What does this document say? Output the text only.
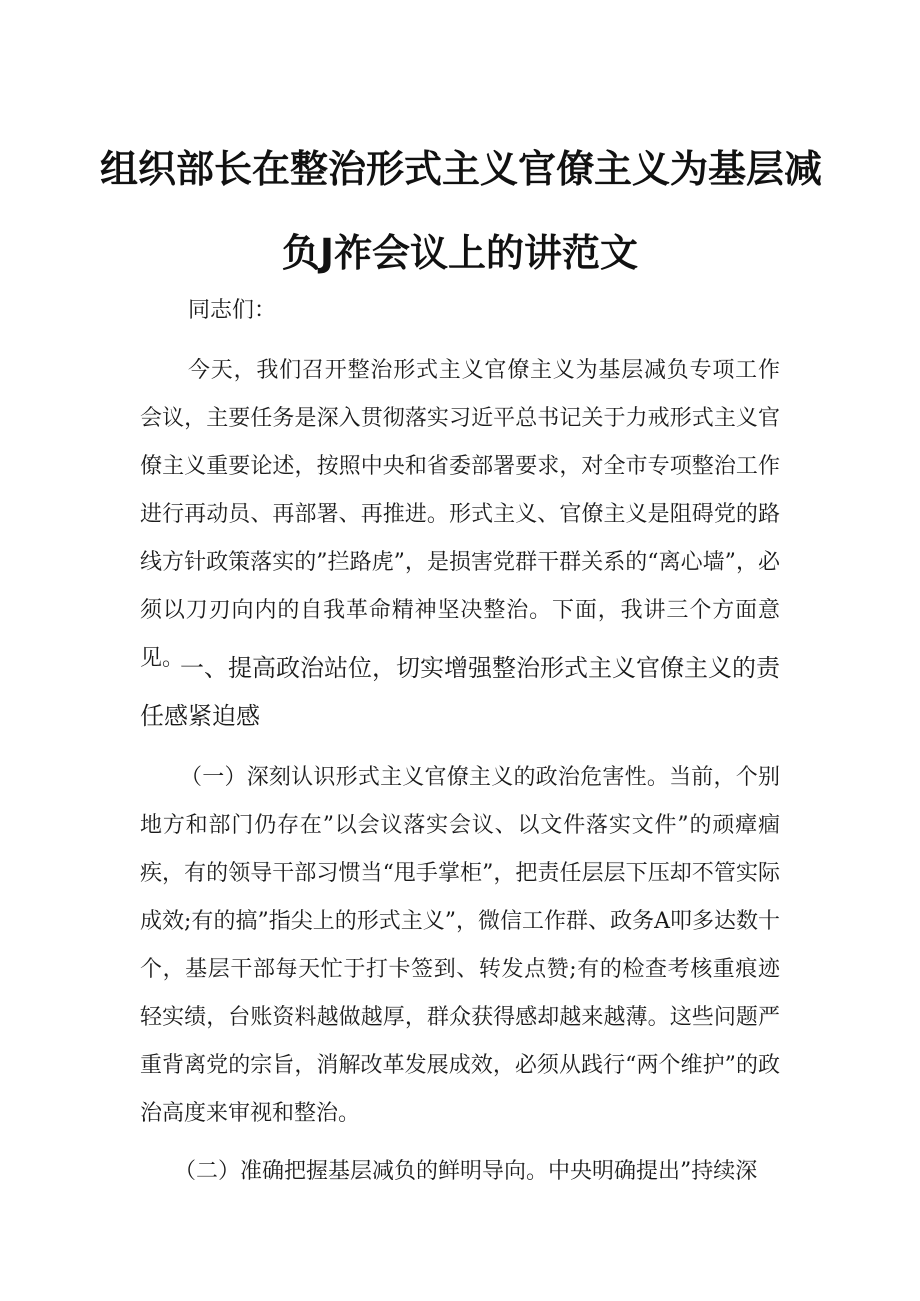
组织部长在整治形式主义官僚主义为基层减
负J祚会议上的讲范文
同志们：
今天，我们召开整治形式主义官僚主义为基层减负专项工作会议，主要任务是深入贯彻落实习近平总书记关于力戒形式主义官僚主义重要论述，按照中央和省委部署要求，对全市专项整治工作进行再动员、再部署、再推进。形式主义、官僚主义是阻碍党的路线方针政策落实的”拦路虎”，是损害党群干群关系的“离心墙”，必须以刀刃向内的自我革命精神坚决整治。下面，我讲三个方面意见。
一、提高政治站位，切实增强整治形式主义官僚主义的责任感紧迫感
（一）深刻认识形式主义官僚主义的政治危害性。当前，个别地方和部门仍存在”以会议落实会议、以文件落实文件”的顽瘴痼疾，有的领导干部习惯当“甩手掌柜”，把责任层层下压却不管实际成效;有的搞”指尖上的形式主义”，微信工作群、政务A叩多达数十个，基层干部每天忙于打卡签到、转发点赞;有的检查考核重痕迹轻实绩，台账资料越做越厚，群众获得感却越来越薄。这些问题严重背离党的宗旨，消解改革发展成效，必须从践行“两个维护”的政治高度来审视和整治。
（二）准确把握基层减负的鲜明导向。中央明确提出”持续深
